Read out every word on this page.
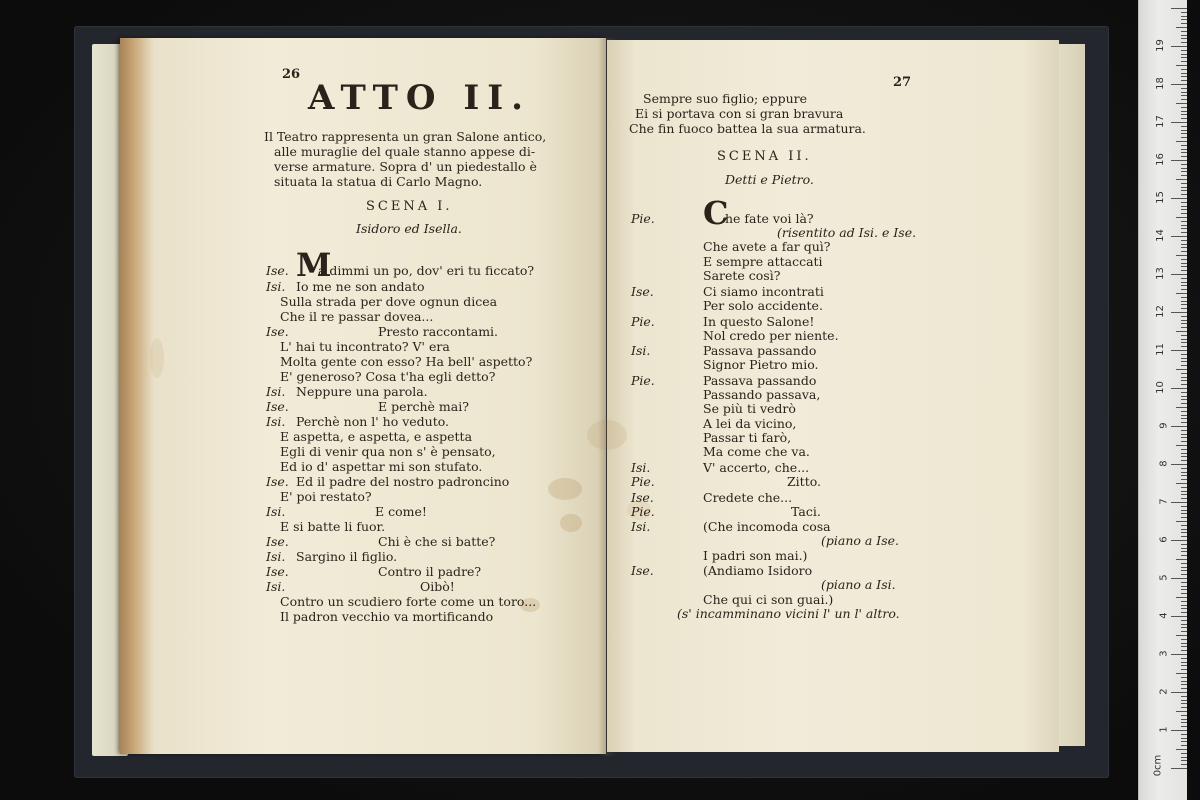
26
ATTO II.
Il Teatro rappresenta un gran Salone antico,
alle muraglie del quale stanno appese di-
verse armature. Sopra d' un piedestallo è
situata la statua di Carlo Magno.
SCENA I.
Isidoro ed Isella.
Ise. M
a dimmi un po, dov' eri tu ficcato?
Isi. Io me ne son andato
Sulla strada per dove ognun dicea
Che il re passar dovea...
Ise.	Presto raccontami.
L' hai tu incontrato? V' era
Molta gente con esso? Ha bell' aspetto?
E' generoso? Cosa t'ha egli detto?
Isi. Neppure una parola.
Ise.	E perchè mai?
Isi. Perchè non l' ho veduto.
E aspetta, e aspetta, e aspetta
Egli di venir qua non s' è pensato,
Ed io d' aspettar mi son stufato.
Ise. Ed il padre del nostro padroncino
E' poi restato?
Isi.	E come!
E si batte li fuor.
Ise.	Chi è che si batte?
Isi. Sargino il figlio.
Ise.	Contro il padre?
Isi.	Oibò!
Contro un scudiero forte come un toro...
Il padron vecchio va mortificando
27
Sempre suo figlio; eppure
Ei si portava con si gran bravura
Che fin fuoco battea la sua armatura.
SCENA II.
Detti e Pietro.
Pie. C
he fate voi là?
(risentito ad Isi. e Ise.
Che avete a far quì?
E sempre attaccati
Sarete così?
Ise.	Ci siamo incontrati
Per solo accidente.
Pie.	In questo Salone!
Nol credo per niente.
Isi.	Passava passando
Signor Pietro mio.
Pie.	Passava passando
Passando passava,
Se più ti vedrò
A lei da vicino,
Passar ti farò,
Ma come che va.
Isi.	V' accerto, che...
Pie.	Zitto.
Ise.	Credete che...
Pie.	Taci.
Isi.	(Che incomoda cosa
(piano a Ise.
I padri son mai.)
Ise.	(Andiamo Isidoro
(piano a Isi.
Che qui ci son guai.)
(s' incamminano vicini l' un l' altro.
0cm
1
2
3
4
5
6
7
8
9
10
11
12
13
14
15
16
17
18
19
